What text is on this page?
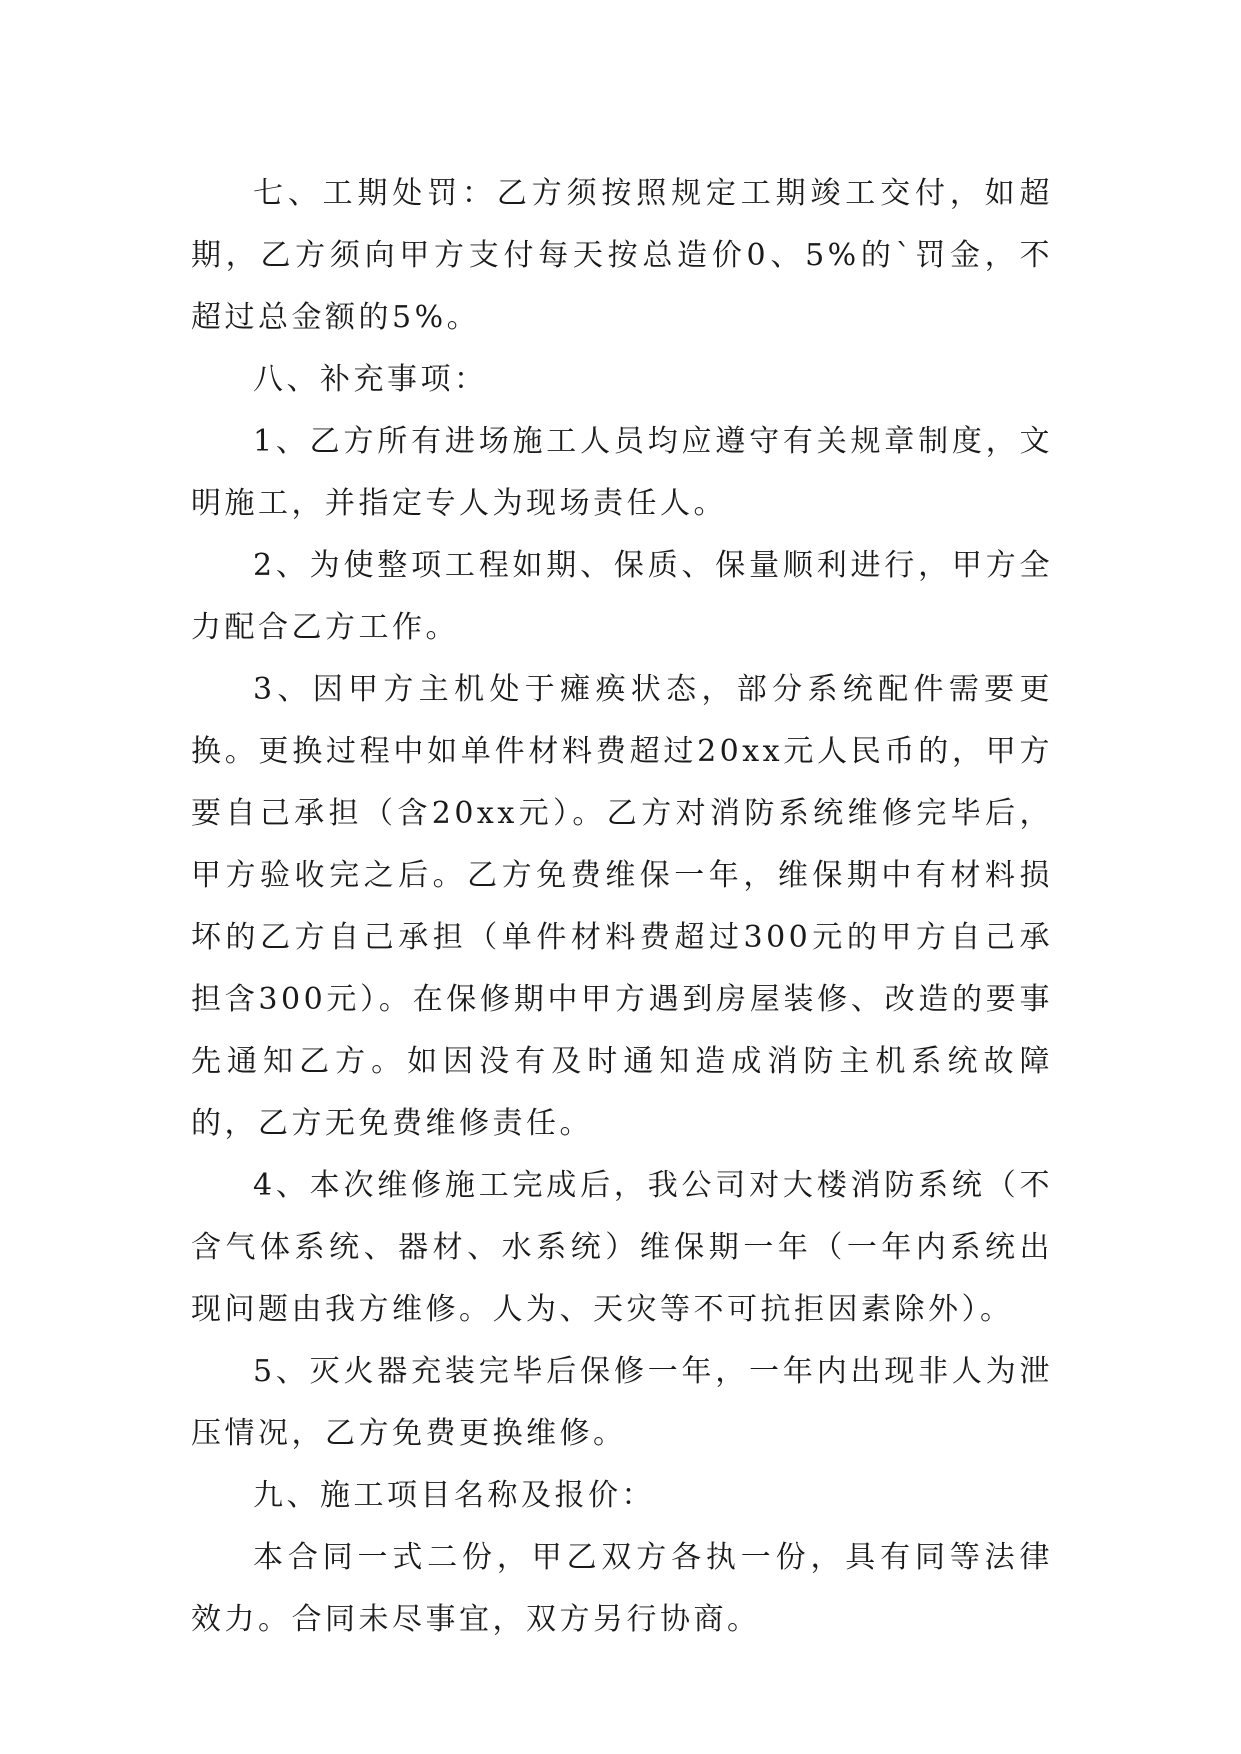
七、工期处罚：乙方须按照规定工期竣工交付，如超期，乙方须向甲方支付每天按总造价0、5%的`罚金，不超过总金额的5%。

八、补充事项：

1、乙方所有进场施工人员均应遵守有关规章制度，文明施工，并指定专人为现场责任人。

2、为使整项工程如期、保质、保量顺利进行，甲方全力配合乙方工作。

3、因甲方主机处于瘫痪状态，部分系统配件需要更换。更换过程中如单件材料费超过20xx元人民币的，甲方要自己承担（含20xx元）。乙方对消防系统维修完毕后，甲方验收完之后。乙方免费维保一年，维保期中有材料损坏的乙方自己承担（单件材料费超过300元的甲方自己承担含300元）。在保修期中甲方遇到房屋装修、改造的要事先通知乙方。如因没有及时通知造成消防主机系统故障的，乙方无免费维修责任。

4、本次维修施工完成后，我公司对大楼消防系统（不含气体系统、器材、水系统）维保期一年（一年内系统出现问题由我方维修。人为、天灾等不可抗拒因素除外）。

5、灭火器充装完毕后保修一年，一年内出现非人为泄压情况，乙方免费更换维修。

九、施工项目名称及报价：

本合同一式二份，甲乙双方各执一份，具有同等法律效力。合同未尽事宜，双方另行协商。
